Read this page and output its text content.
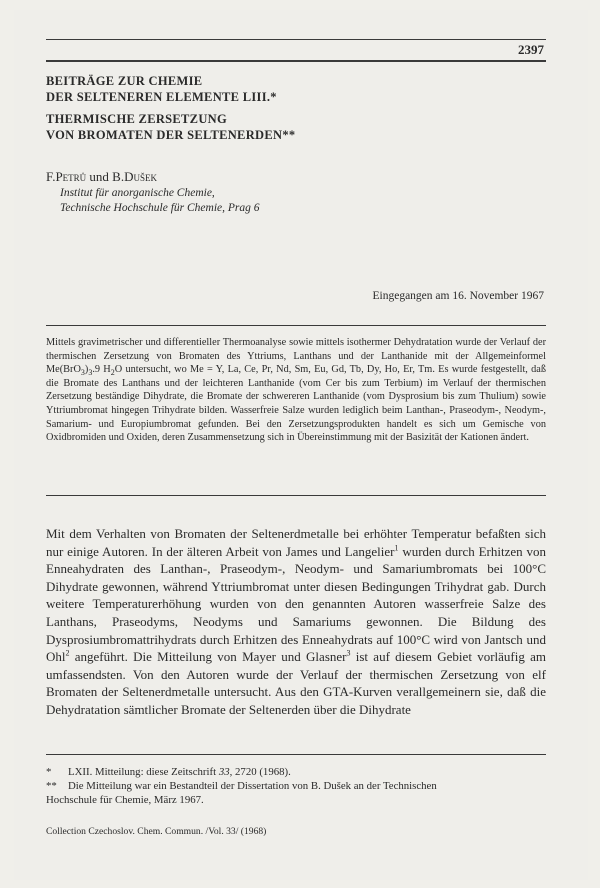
2397
BEITRÄGE ZUR CHEMIE
DER SELTENEREN ELEMENTE LIII.*
THERMISCHE ZERSETZUNG
VON BROMATEN DER SELTENERDEN**
F.Petrů und B.Dušek
Institut für anorganische Chemie,
Technische Hochschule für Chemie, Prag 6
Eingegangen am 16. November 1967
Mittels gravimetrischer und differentieller Thermoanalyse sowie mittels isothermer Dehydratation wurde der Verlauf der thermischen Zersetzung von Bromaten des Yttriums, Lanthans und der Lanthanide mit der Allgemeinformel $Me(BrO_3)_3.9$ $H_2O$ untersucht, wo Me = Y, La, Ce, Pr, Nd, Sm, Eu, Gd, Tb, Dy, Ho, Er, Tm. Es wurde festgestellt, daß die Bromate des Lanthans und der leichteren Lanthanide (vom Cer bis zum Terbium) im Verlauf der thermischen Zersetzung beständige Dihydrate, die Bromate der schwereren Lanthanide (vom Dysprosium bis zum Thulium) sowie Yttriumbromat hingegen Trihydrate bilden. Wasserfreie Salze wurden lediglich beim Lanthan-, Praseodym-, Neodym-, Samarium- und Europiumbromat gefunden. Bei den Zersetzungsprodukten handelt es sich um Gemische von Oxidbromiden und Oxiden, deren Zusammensetzung sich in Übereinstimmung mit der Basizität der Kationen ändert.
Mit dem Verhalten von Bromaten der Seltenerdmetalle bei erhöhter Temperatur befaßten sich nur einige Autoren. In der älteren Arbeit von James und Langelier$^1$ wurden durch Erhitzen von Enneahydraten des Lanthan-, Praseodym-, Neodym- und Samariumbromats bei 100°C Dihydrate gewonnen, während Yttriumbromat unter diesen Bedingungen Trihydrat gab. Durch weitere Temperaturerhöhung wurden von den genannten Autoren wasserfreie Salze des Lanthans, Praseodyms, Neodyms und Samariums gewonnen. Die Bildung des Dysprosiumbromattrihydrats durch Erhitzen des Enneahydrats auf 100°C wird von Jantsch und Ohl$^2$ angeführt. Die Mitteilung von Mayer und Glasner$^3$ ist auf diesem Gebiet vorläufig am umfassendsten. Von den Autoren wurde der Verlauf der thermischen Zersetzung von elf Bromaten der Seltenerdmetalle untersucht. Aus den GTA-Kurven verallgemeinern sie, daß die Dehydratation sämtlicher Bromate der Seltenerden über die Dihydrate
*	LXII. Mitteilung: diese Zeitschrift 33, 2720 (1968).
**	Die Mitteilung war ein Bestandteil der Dissertation von B. Dušek an der Technischen
Hochschule für Chemie, März 1967.
Collection Czechoslov. Chem. Commun. /Vol. 33/ (1968)
